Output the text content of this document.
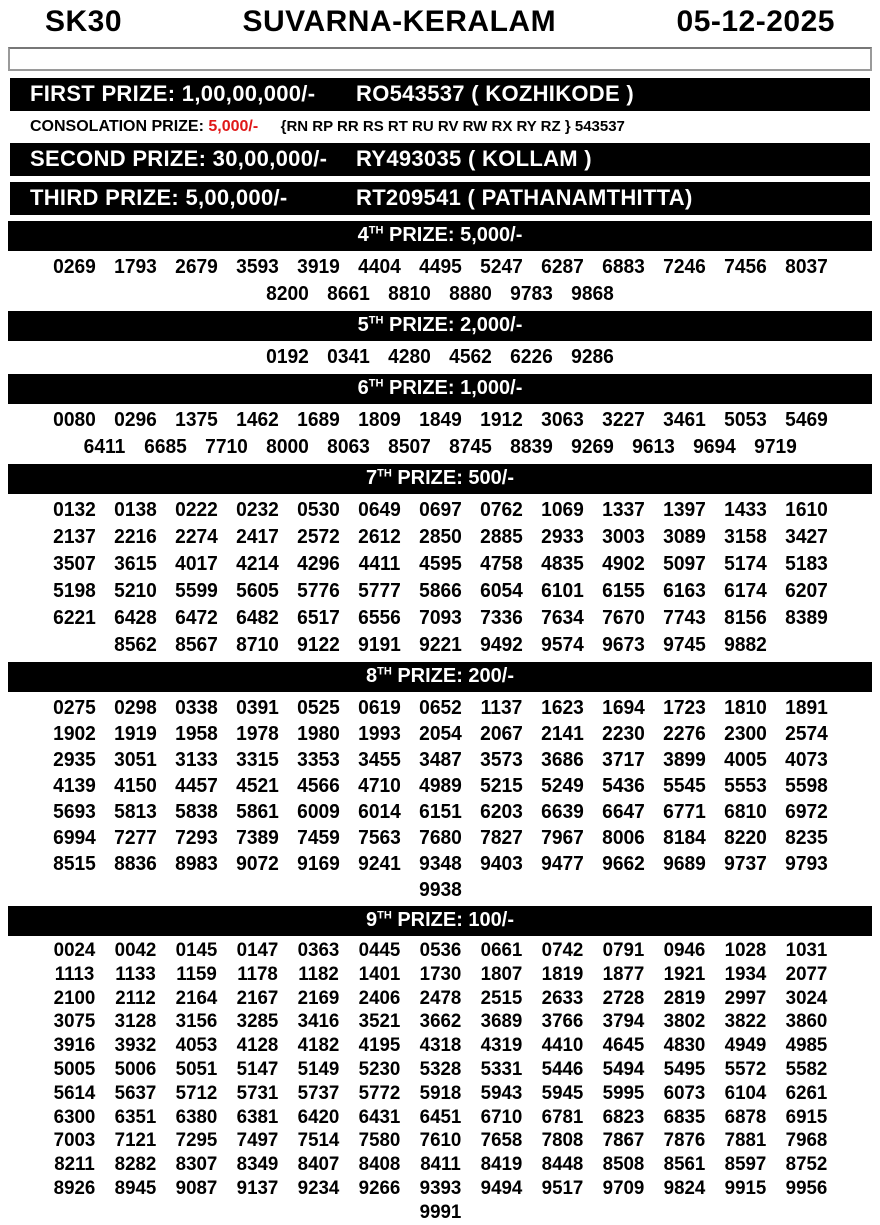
SK30	SUVARNA-KERALAM	05-12-2025
FIRST PRIZE: 1,00,00,000/-	RO543537 ( KOZHIKODE )
CONSOLATION PRIZE: 5,000/- {RN RP RR RS RT RU RV RW RX RY RZ } 543537
SECOND PRIZE: 30,00,000/-	RY493035 ( KOLLAM )
THIRD PRIZE: 5,00,000/-	RT209541 ( PATHANAMTHITTA)
4TH PRIZE: 5,000/-
0269 1793 2679 3593 3919 4404 4495 5247 6287 6883 7246 7456 8037
8200 8661 8810 8880 9783 9868
5TH PRIZE: 2,000/-
0192 0341 4280 4562 6226 9286
6TH PRIZE: 1,000/-
0080 0296 1375 1462 1689 1809 1849 1912 3063 3227 3461 5053 5469
6411 6685 7710 8000 8063 8507 8745 8839 9269 9613 9694 9719
7TH PRIZE: 500/-
0132 0138 0222 0232 0530 0649 0697 0762 1069 1337 1397 1433 1610
2137 2216 2274 2417 2572 2612 2850 2885 2933 3003 3089 3158 3427
3507 3615 4017 4214 4296 4411 4595 4758 4835 4902 5097 5174 5183
5198 5210 5599 5605 5776 5777 5866 6054 6101 6155 6163 6174 6207
6221 6428 6472 6482 6517 6556 7093 7336 7634 7670 7743 8156 8389
8562 8567 8710 9122 9191 9221 9492 9574 9673 9745 9882
8TH PRIZE: 200/-
0275 0298 0338 0391 0525 0619 0652 1137 1623 1694 1723 1810 1891
1902 1919 1958 1978 1980 1993 2054 2067 2141 2230 2276 2300 2574
2935 3051 3133 3315 3353 3455 3487 3573 3686 3717 3899 4005 4073
4139 4150 4457 4521 4566 4710 4989 5215 5249 5436 5545 5553 5598
5693 5813 5838 5861 6009 6014 6151 6203 6639 6647 6771 6810 6972
6994 7277 7293 7389 7459 7563 7680 7827 7967 8006 8184 8220 8235
8515 8836 8983 9072 9169 9241 9348 9403 9477 9662 9689 9737 9793
9938
9TH PRIZE: 100/-
0024 0042 0145 0147 0363 0445 0536 0661 0742 0791 0946 1028 1031
1113	1133	1159	1178	1182	1401 1730 1807 1819 1877 1921 1934 2077
2100	2112	2164 2167 2169 2406 2478 2515 2633 2728 2819 2997 3024
3075 3128 3156 3285 3416 3521 3662 3689 3766 3794 3802 3822 3860
3916 3932 4053 4128 4182 4195 4318 4319 4410 4645 4830 4949 4985
5005 5006 5051 5147 5149 5230 5328 5331 5446 5494 5495 5572 5582
5614 5637 5712 5731 5737 5772 5918 5943 5945 5995 6073 6104 6261
6300 6351 6380 6381 6420 6431 6451 6710 6781 6823 6835 6878 6915
7003 7121 7295 7497 7514 7580 7610 7658 7808 7867 7876 7881 7968
8211	8282 8307 8349 8407 8408	8411	8419 8448 8508 8561 8597 8752
8926 8945 9087 9137 9234 9266 9393 9494 9517 9709 9824 9915 9956
9991
